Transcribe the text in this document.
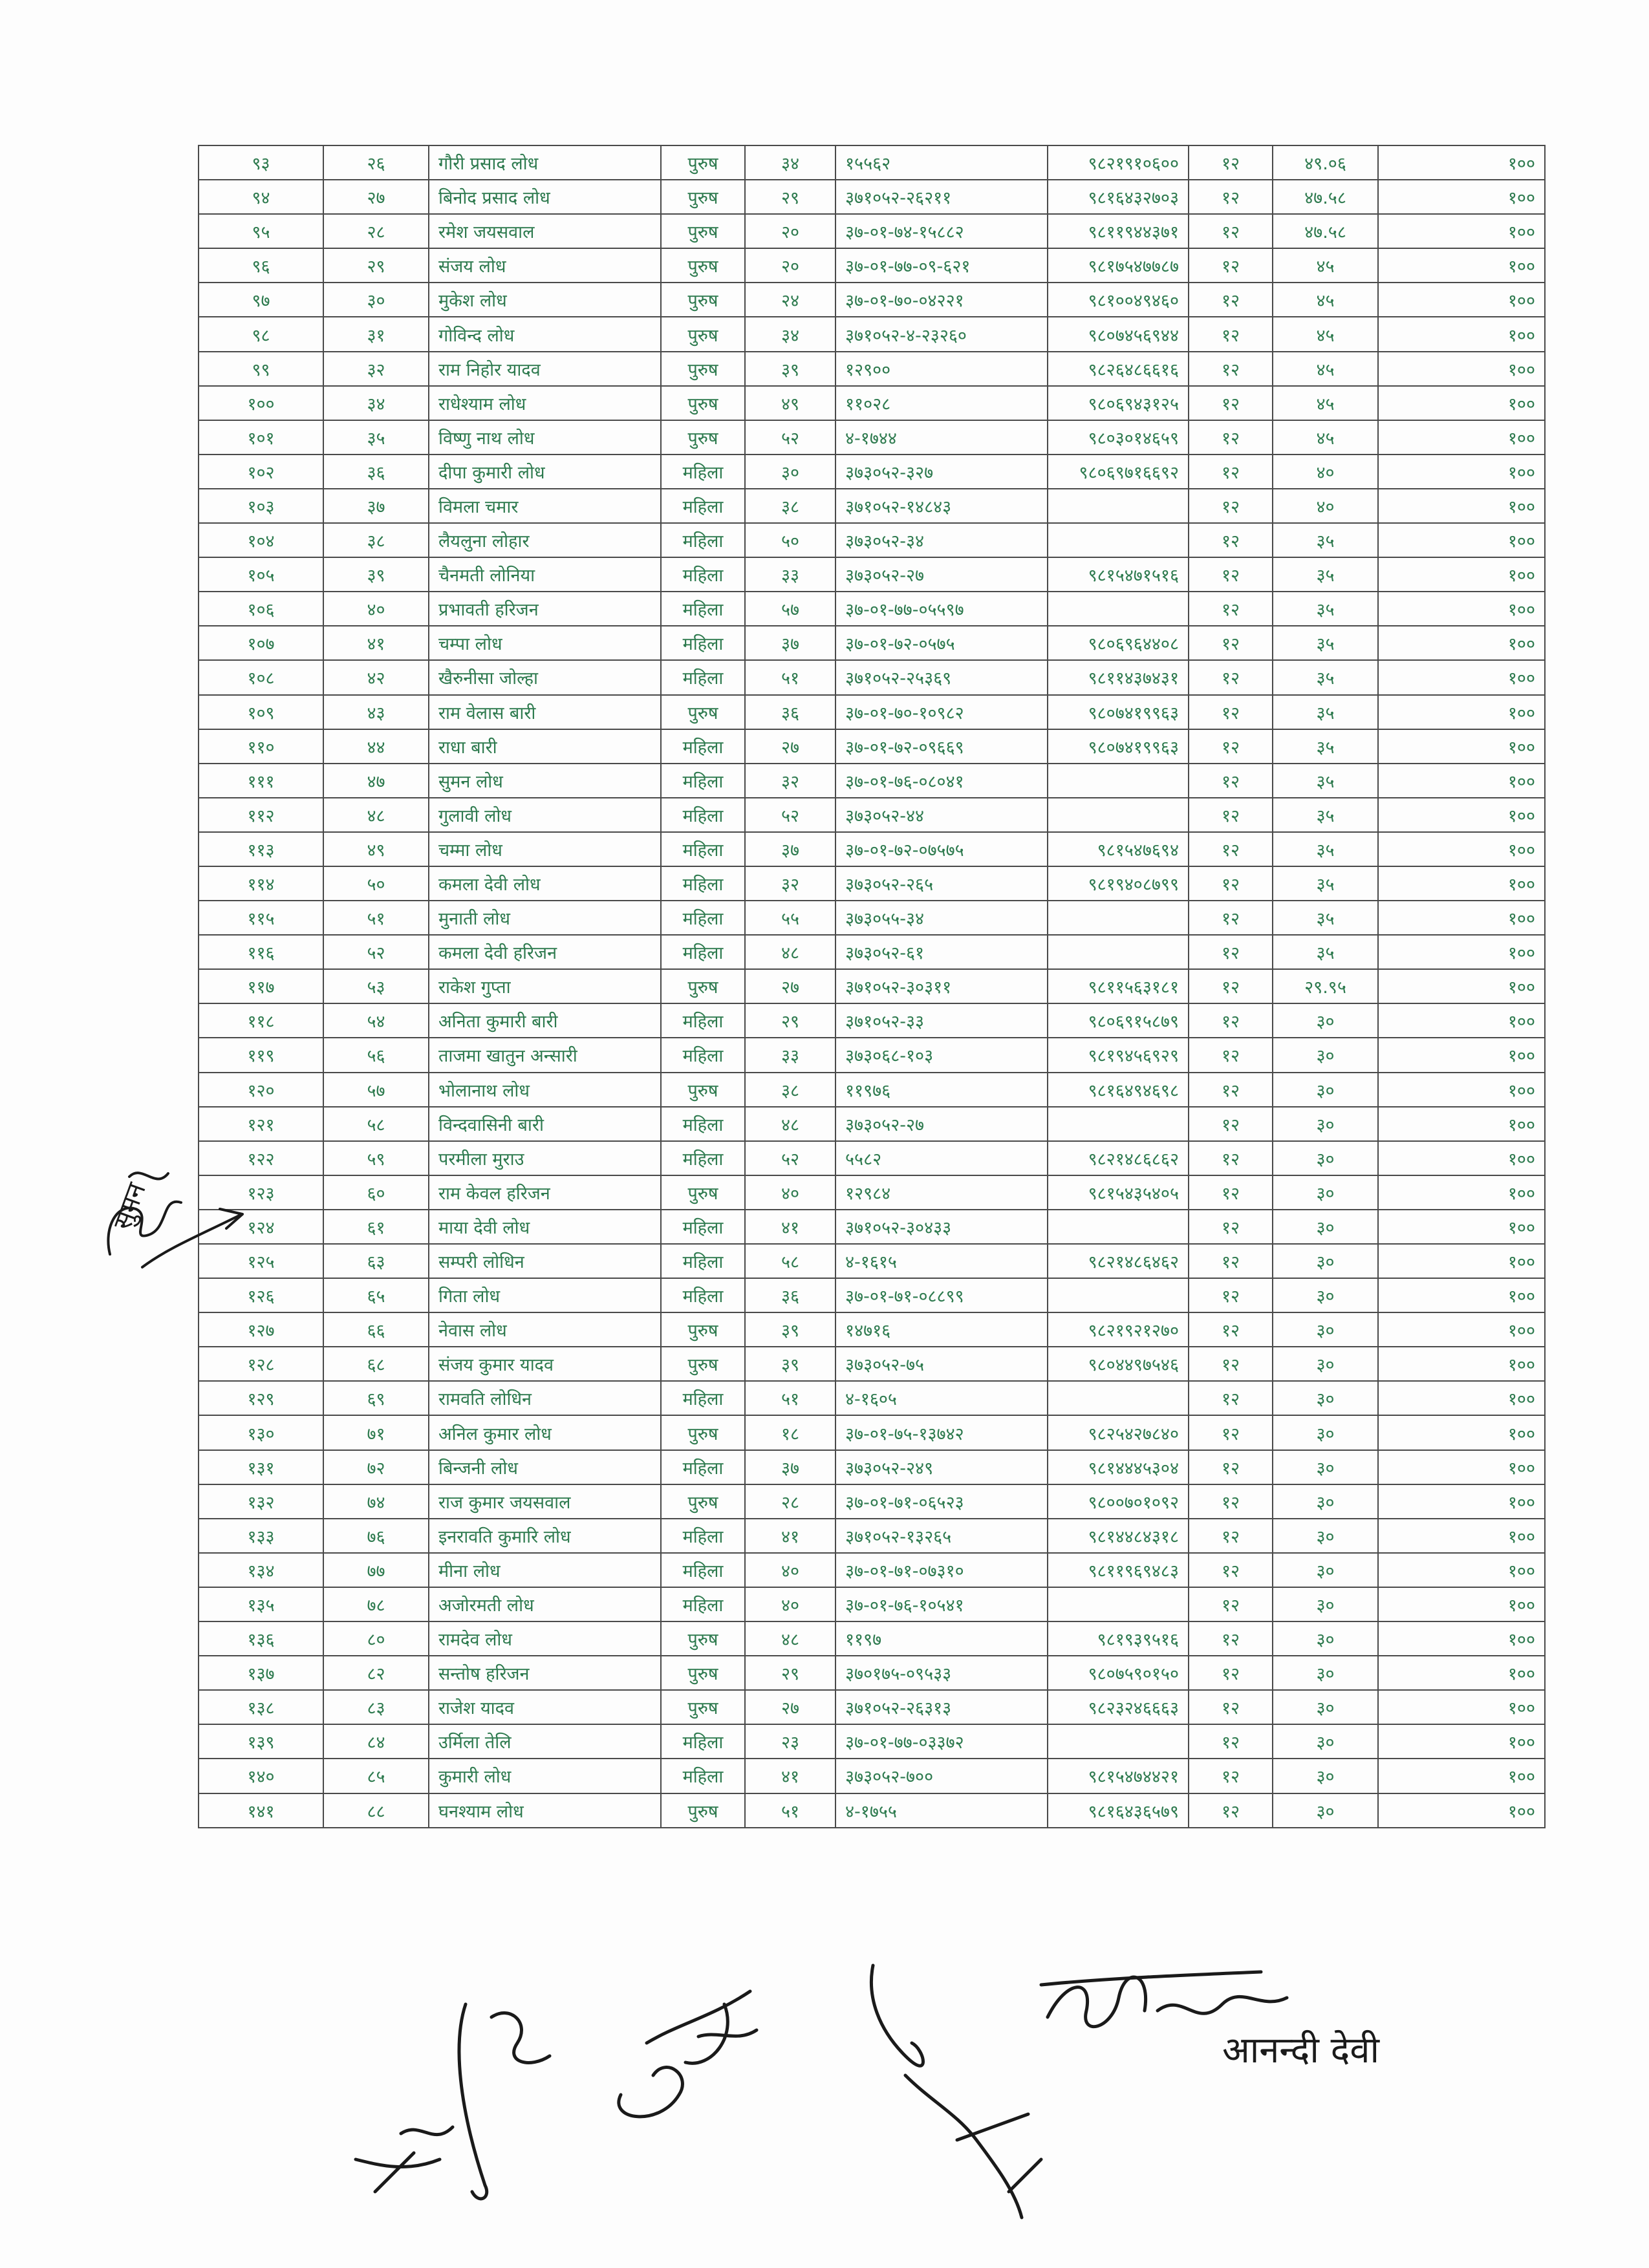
९३	२६	गौरी प्रसाद लोध	पुरुष	३४	१५५६२	९८२१९१०६००	१२	४९.०६	१००
९४	२७	बिनोद प्रसाद लोध	पुरुष	२९	३७१०५२-२६२११	९८१६४३२७०३	१२	४७.५८	१००
९५	२८	रमेश जयसवाल	पुरुष	२०	३७-०१-७४-१५८८२	९८११९४४३७१	१२	४७.५८	१००
९६	२९	संजय लोध	पुरुष	२०	३७-०१-७७-०९-६२१	९८१७५४७७८७	१२	४५	१००
९७	३०	मुकेश लोध	पुरुष	२४	३७-०१-७०-०४२२१	९८१००४९४६०	१२	४५	१००
९८	३१	गोविन्द लोध	पुरुष	३४	३७१०५२-४-२३२६०	९८०७४५६९४४	१२	४५	१००
९९	३२	राम निहोर यादव	पुरुष	३९	१२९००	९८२६४८६६१६	१२	४५	१००
१००	३४	राधेश्याम लोध	पुरुष	४९	११०२८	९८०६९४३१२५	१२	४५	१००
१०१	३५	विष्णु नाथ लोध	पुरुष	५२	४-१७४४	९८०३०१४६५९	१२	४५	१००
१०२	३६	दीपा कुमारी लोध	महिला	३०	३७३०५२-३२७	९८०६९७१६६९२	१२	४०	१००
१०३	३७	विमला चमार	महिला	३८	३७१०५२-१४८४३		१२	४०	१००
१०४	३८	लैयलुना लोहार	महिला	५०	३७३०५२-३४		१२	३५	१००
१०५	३९	चैनमती लोनिया	महिला	३३	३७३०५२-२७	९८१५४७१५१६	१२	३५	१००
१०६	४०	प्रभावती हरिजन	महिला	५७	३७-०१-७७-०५५९७		१२	३५	१००
१०७	४१	चम्पा लोध	महिला	३७	३७-०१-७२-०५७५	९८०६९६४४०८	१२	३५	१००
१०८	४२	खैरुनीसा जोल्हा	महिला	५१	३७१०५२-२५३६९	९८११४३७४३१	१२	३५	१००
१०९	४३	राम वेलास बारी	पुरुष	३६	३७-०१-७०-१०९८२	९८०७४१९९६३	१२	३५	१००
११०	४४	राधा बारी	महिला	२७	३७-०१-७२-०९६६९	९८०७४१९९६३	१२	३५	१००
१११	४७	सुमन लोध	महिला	३२	३७-०१-७६-०८०४१		१२	३५	१००
११२	४८	गुलावी लोध	महिला	५२	३७३०५२-४४		१२	३५	१००
११३	४९	चम्मा लोध	महिला	३७	३७-०१-७२-०७५७५	९८१५४७६९४	१२	३५	१००
११४	५०	कमला देवी लोध	महिला	३२	३७३०५२-२६५	९८१९४०८७९९	१२	३५	१००
११५	५१	मुनाती लोध	महिला	५५	३७३०५५-३४		१२	३५	१००
११६	५२	कमला देवी हरिजन	महिला	४८	३७३०५२-६१		१२	३५	१००
११७	५३	राकेश गुप्ता	पुरुष	२७	३७१०५२-३०३११	९८११५६३१८१	१२	२९.९५	१००
११८	५४	अनिता कुमारी बारी	महिला	२९	३७१०५२-३३	९८०६९१५८७९	१२	३०	१००
११९	५६	ताजमा खातुन अन्सारी	महिला	३३	३७३०६८-१०३	९८१९४५६९२९	१२	३०	१००
१२०	५७	भोलानाथ लोध	पुरुष	३८	११९७६	९८१६४९४६९८	१२	३०	१००
१२१	५८	विन्दवासिनी बारी	महिला	४८	३७३०५२-२७		१२	३०	१००
१२२	५९	परमीला मुराउ	महिला	५२	५५८२	९८२१४८६८६२	१२	३०	१००
१२३	६०	राम केवल हरिजन	पुरुष	४०	१२९८४	९८१५४३५४०५	१२	३०	१००
१२४	६१	माया देवी लोध	महिला	४१	३७१०५२-३०४३३		१२	३०	१००
१२५	६३	सम्परी लोधिन	महिला	५८	४-१६१५	९८२१४८६४६२	१२	३०	१००
१२६	६५	गिता लोध	महिला	३६	३७-०१-७१-०८८९९		१२	३०	१००
१२७	६६	नेवास लोध	पुरुष	३९	१४७१६	९८२१९२१२७०	१२	३०	१००
१२८	६८	संजय कुमार यादव	पुरुष	३९	३७३०५२-७५	९८०४४९७५४६	१२	३०	१००
१२९	६९	रामवति लोधिन	महिला	५१	४-१६०५		१२	३०	१००
१३०	७१	अनिल कुमार लोध	पुरुष	१८	३७-०१-७५-१३७४२	९८२५४२७८४०	१२	३०	१००
१३१	७२	बिन्जनी लोध	महिला	३७	३७३०५२-२४९	९८१४४४५३०४	१२	३०	१००
१३२	७४	राज कुमार जयसवाल	पुरुष	२८	३७-०१-७१-०६५२३	९८००७०१०९२	१२	३०	१००
१३३	७६	इनरावति कुमारि लोध	महिला	४१	३७१०५२-१३२६५	९८१४४८४३१८	१२	३०	१००
१३४	७७	मीना लोध	महिला	४०	३७-०१-७१-०७३१०	९८११९६९४८३	१२	३०	१००
१३५	७८	अजोरमती लोध	महिला	४०	३७-०१-७६-१०५४१		१२	३०	१००
१३६	८०	रामदेव लोध	पुरुष	४८	११९७	९८१९३९५१६	१२	३०	१००
१३७	८२	सन्तोष हरिजन	पुरुष	२९	३७०१७५-०९५३३	९८०७५९०१५०	१२	३०	१००
१३८	८३	राजेश यादव	पुरुष	२७	३७१०५२-२६३१३	९८२३२४६६६३	१२	३०	१००
१३९	८४	उर्मिला तेलि	महिला	२३	३७-०१-७७-०३३७२		१२	३०	१००
१४०	८५	कुमारी लोध	महिला	४१	३७३०५२-७००	९८१५४७४४२१	१२	३०	१००
१४१	८८	घनश्याम लोध	पुरुष	५१	४-१७५५	९८१६४३६५७९	१२	३०	१००
आनन्दी देवी
सुमन
